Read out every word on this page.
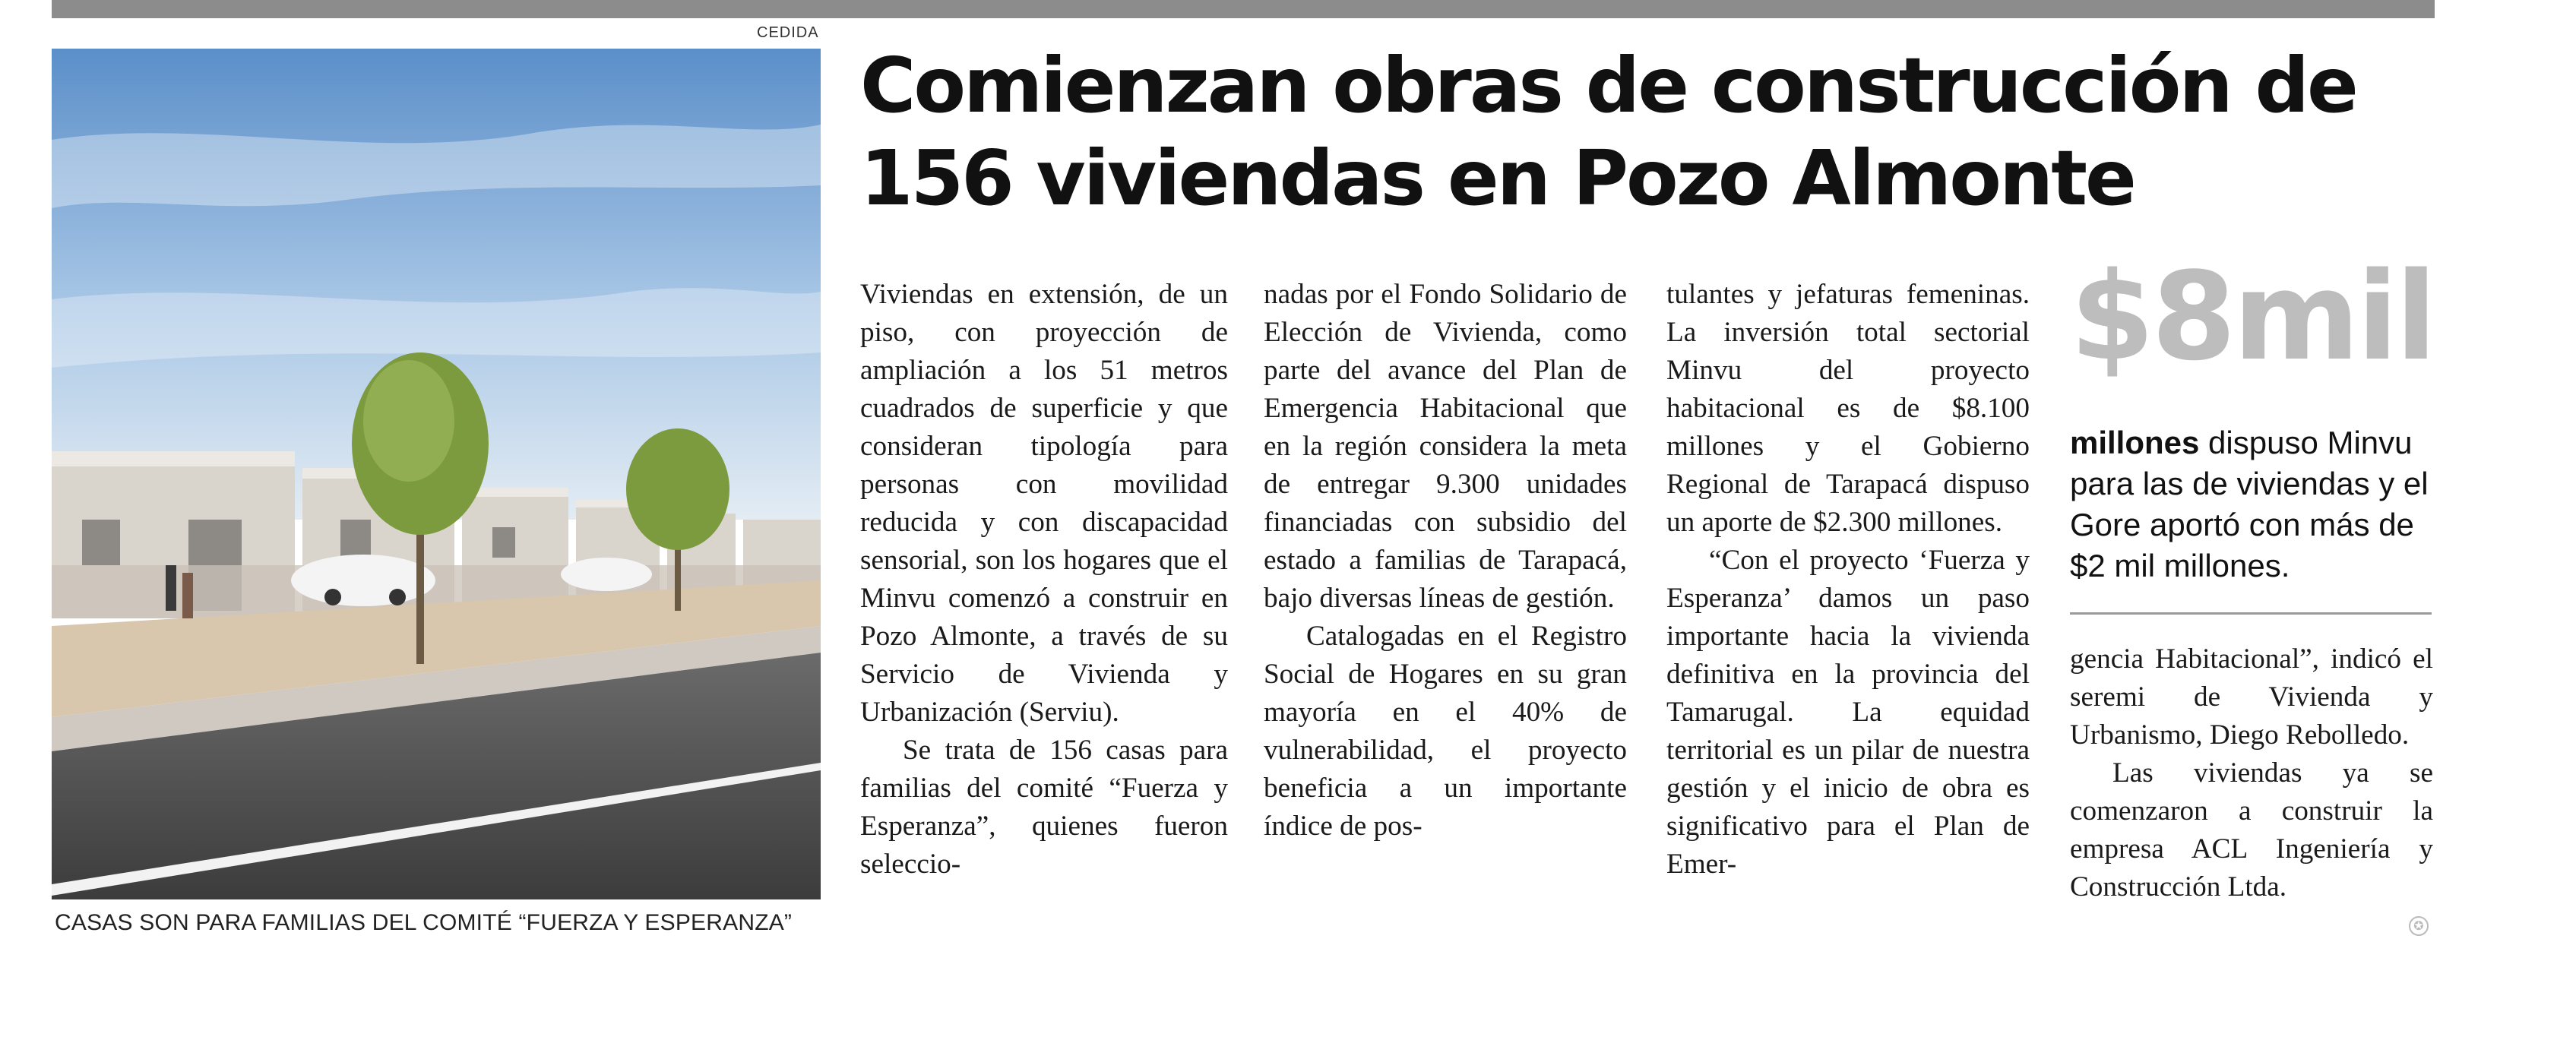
CEDIDA
CASAS SON PARA FAMILIAS DEL COMITÉ “FUERZA Y ESPERANZA”
Comienzan obras de construcción de 156 viviendas en Pozo Almonte

Viviendas en extensión, de un piso, con proyección de ampliación a los 51 metros cuadrados de superficie y que consideran tipología para personas con movilidad reducida y con discapacidad sensorial, son los hogares que el Minvu comenzó a construir en Pozo Almonte, a través de su Servicio de Vivienda y Urbanización (Serviu).

Se trata de 156 casas para familias del comité “Fuerza y Esperanza”, quienes fueron seleccio-

nadas por el Fondo Solidario de Elección de Vivienda, como parte del avance del Plan de Emergencia Habitacional que en la región considera la meta de entregar 9.300 unidades financiadas con subsidio del estado a familias de Tarapacá, bajo diversas líneas de gestión.

Catalogadas en el Registro Social de Hogares en su gran mayoría en el 40% de vulnerabilidad, el proyecto beneficia a un importante índice de pos-

tulantes y jefaturas femeninas. La inversión total sectorial Minvu del proyecto habitacional es de $8.100 millones y el Gobierno Regional de Tarapacá dispuso un aporte de $2.300 millones.

“Con el proyecto ‘Fuerza y Esperanza’ damos un paso importante hacia la vivienda definitiva en la provincia del Tamarugal. La equidad territorial es un pilar de nuestra gestión y el inicio de obra es significativo para el Plan de Emer-

$8mil
millones dispuso Minvu para las de viviendas y el Gore aportó con más de $2 mil millones.

gencia Habitacional”, indicó el seremi de Vivienda y Urbanismo, Diego Rebolledo.

Las viviendas ya se comenzaron a construir la empresa ACL Ingeniería y Construcción Ltda.

✪
